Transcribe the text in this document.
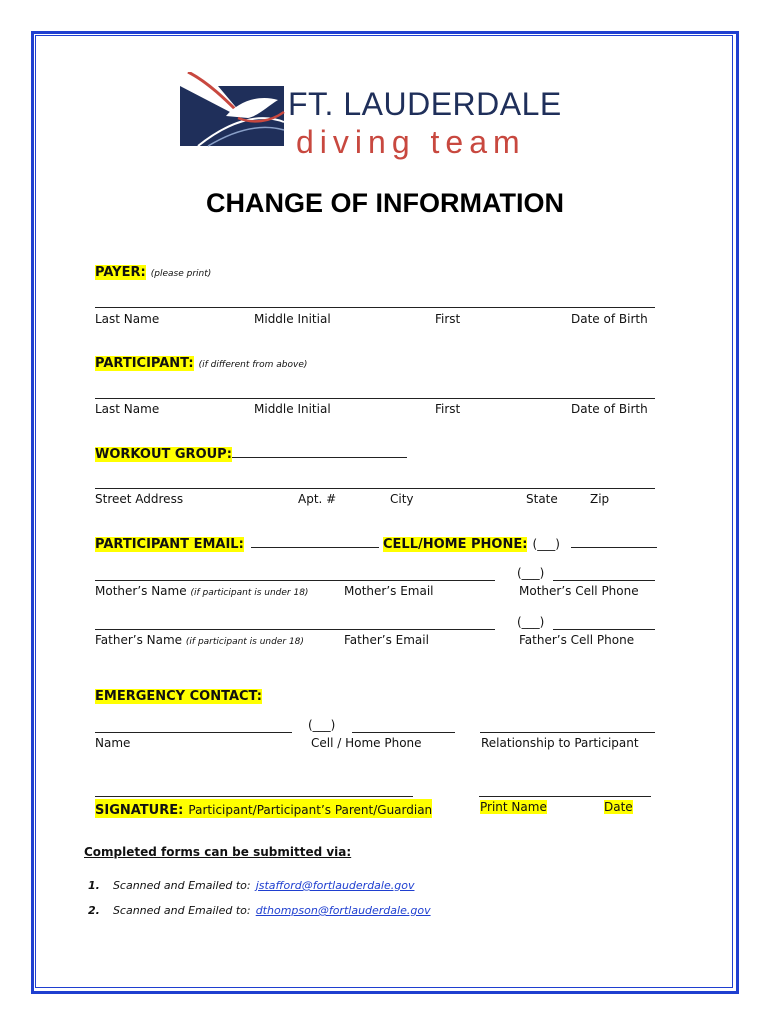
FT. LAUDERDALE
diving team
CHANGE OF INFORMATION
PAYER: (please print)
Last Name	Middle Initial	First	Date of Birth
PARTICIPANT: (if different from above)
Last Name	Middle Initial	First	Date of Birth
WORKOUT GROUP:
Street Address	Apt. #	City	State	Zip
PARTICIPANT EMAIL:	CELL/HOME PHONE: (___)
(___)
Mother’s Name (if participant is under 18)	Mother’s Email	Mother’s Cell Phone
(___)
Father’s Name (if participant is under 18)	Father’s Email	Father’s Cell Phone
EMERGENCY CONTACT:
(___)
Name	Cell / Home Phone	Relationship to Participant
SIGNATURE: Participant/Participant’s Parent/Guardian	Print Name	Date
Completed forms can be submitted via:
1. Scanned and Emailed to: jstafford@fortlauderdale.gov
2. Scanned and Emailed to: dthompson@fortlauderdale.gov
